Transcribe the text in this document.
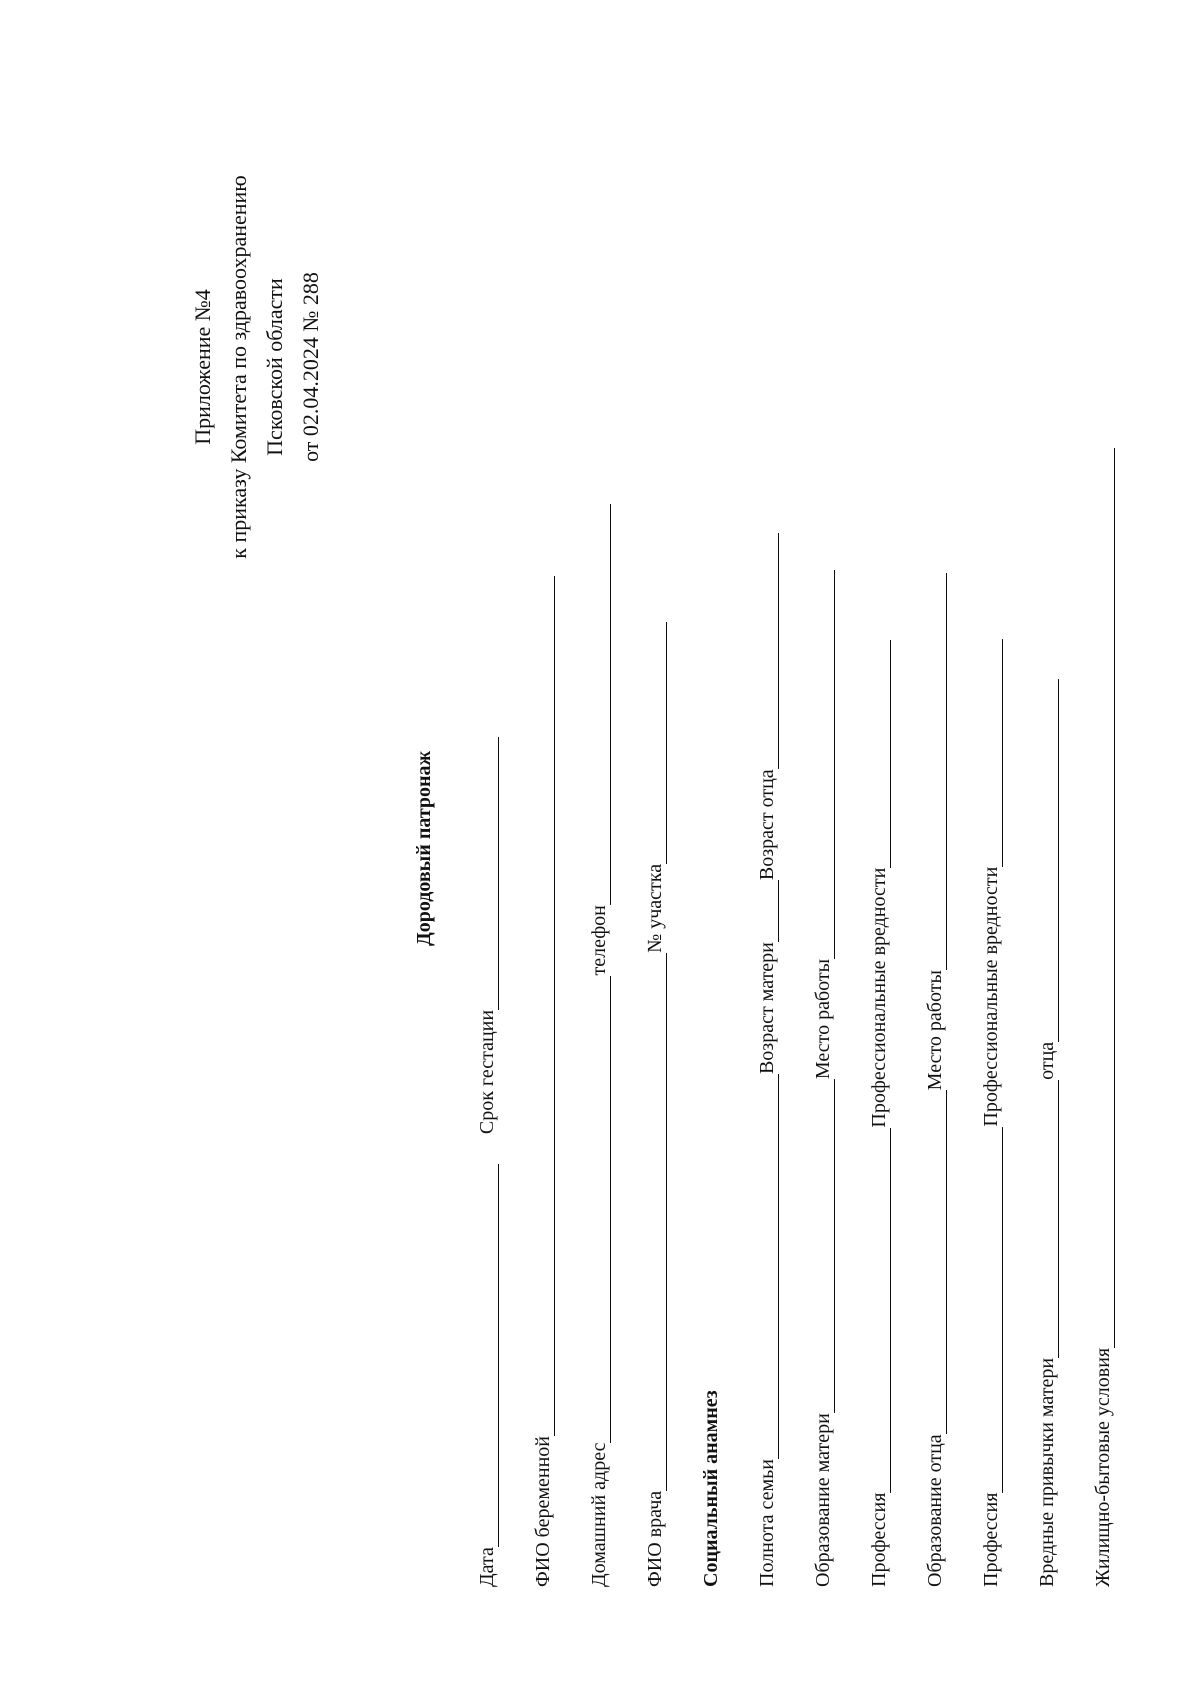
Приложение №4 к приказу Комитета по здравоохранению Псковской области от 02.04.2024 № 288
Дородовый патронаж
Дата
Срок гестации
ФИО беременной Домашний адрес
телефон
ФИО врача
№ участка
Социальный анамнез Полнота семьи
Возраст матери
Возраст отца
Образование матери
Место работы
Профессия
Профессиональные вредности
Образование отца
Место работы
Профессия
Профессиональные вредности
Вредные привычки матери
отца
Жилищно-бытовые условия
